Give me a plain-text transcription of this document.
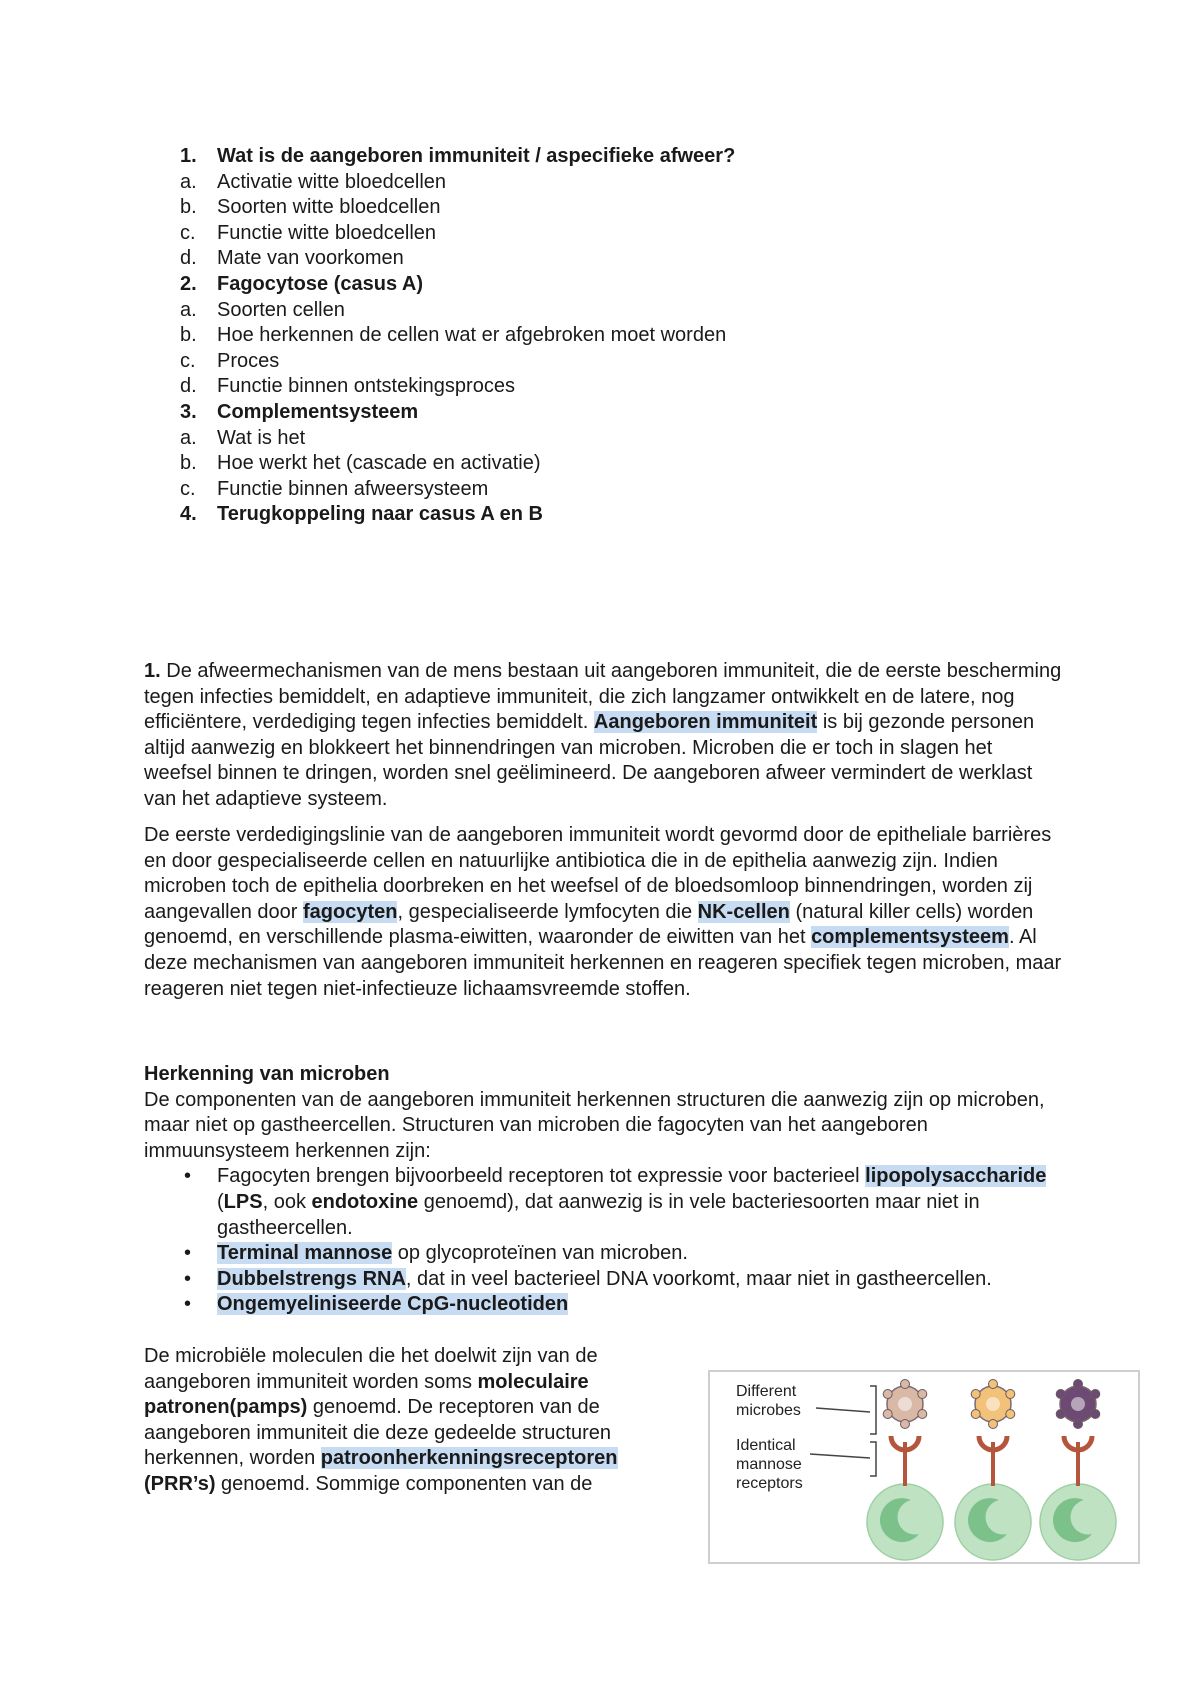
1.	Wat is de aangeboren immuniteit / aspecifieke afweer?
a.	Activatie witte bloedcellen
b.	Soorten witte bloedcellen
c.	Functie witte bloedcellen
d.	Mate van voorkomen
2.	Fagocytose (casus A)
a.	Soorten cellen
b.	Hoe herkennen de cellen wat er afgebroken moet worden
c.	Proces
d.	Functie binnen ontstekingsproces
3.	Complementsysteem
a.	Wat is het
b.	Hoe werkt het (cascade en activatie)
c.	Functie binnen afweersysteem
4.	Terugkoppeling naar casus A en B

1. De afweermechanismen van de mens bestaan uit aangeboren immuniteit, die de eerste bescherming tegen infecties bemiddelt, en adaptieve immuniteit, die zich langzamer ontwikkelt en de latere, nog efficiëntere, verdediging tegen infecties bemiddelt. Aangeboren immuniteit is bij gezonde personen altijd aanwezig en blokkeert het binnendringen van microben. Microben die er toch in slagen het weefsel binnen te dringen, worden snel geëlimineerd. De aangeboren afweer vermindert de werklast van het adaptieve systeem.

De eerste verdedigingslinie van de aangeboren immuniteit wordt gevormd door de epitheliale barrières en door gespecialiseerde cellen en natuurlijke antibiotica die in de epithelia aanwezig zijn. Indien microben toch de epithelia doorbreken en het weefsel of de bloedsomloop binnendringen, worden zij aangevallen door fagocyten, gespecialiseerde lymfocyten die NK-cellen (natural killer cells) worden genoemd, en verschillende plasma-eiwitten, waaronder de eiwitten van het complementsysteem. Al deze mechanismen van aangeboren immuniteit herkennen en reageren specifiek tegen microben, maar reageren niet tegen niet-infectieuze lichaamsvreemde stoffen.

Herkenning van microben

De componenten van de aangeboren immuniteit herkennen structuren die aanwezig zijn op microben, maar niet op gastheercellen. Structuren van microben die fagocyten van het aangeboren immuunsysteem herkennen zijn:

• Fagocyten brengen bijvoorbeeld receptoren tot expressie voor bacterieel lipopolysaccharide (LPS, ook endotoxine genoemd), dat aanwezig is in vele bacteriesoorten maar niet in gastheercellen.
• Terminal mannose op glycoproteïnen van microben.
• Dubbelstrengs RNA, dat in veel bacterieel DNA voorkomt, maar niet in gastheercellen.
• Ongemyeliniseerde CpG-nucleotiden

De microbiële moleculen die het doelwit zijn van de aangeboren immuniteit worden soms moleculaire patronen(pamps) genoemd. De receptoren van de aangeboren immuniteit die deze gedeelde structuren herkennen, worden patroonherkenningsreceptoren (PRR’s) genoemd. Sommige componenten van de

Different
microbes
Identical
mannose
receptors
